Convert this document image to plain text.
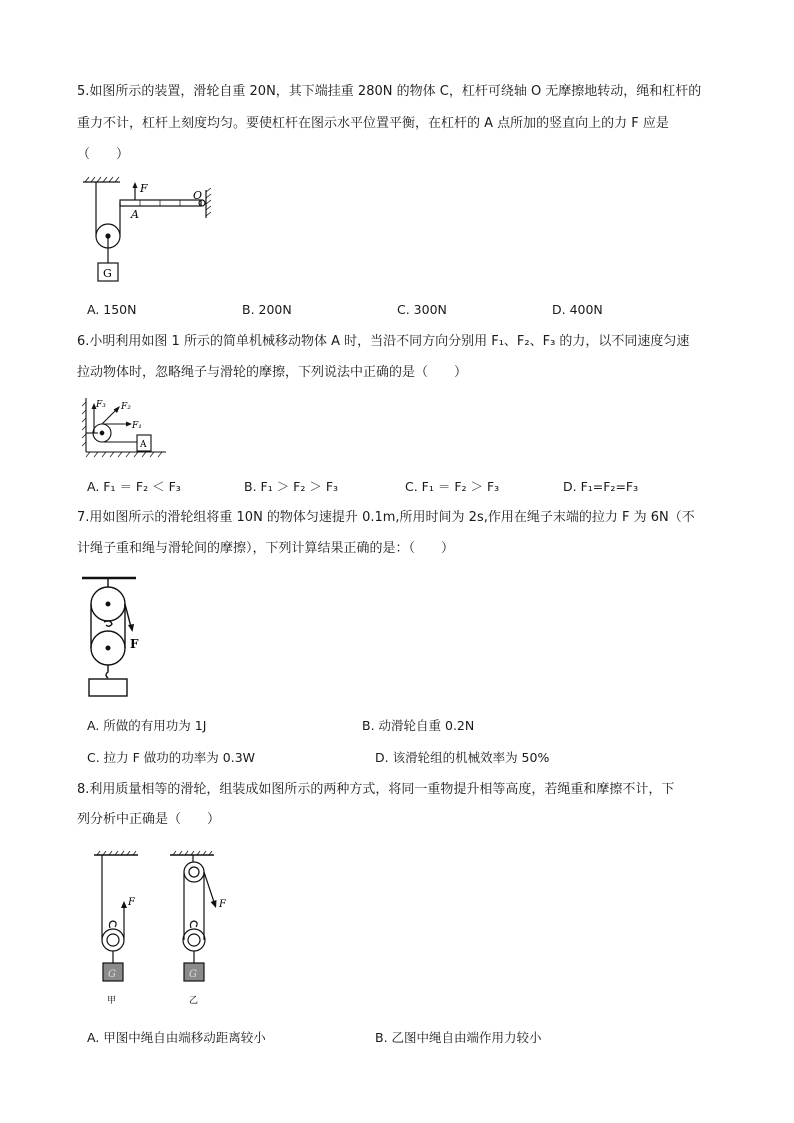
5.如图所示的装置，滑轮自重 20N，其下端挂重 280N 的物体 C，杠杆可绕轴 O 无摩擦地转动，绳和杠杆的
重力不计，杠杆上刻度均匀。要使杠杆在图示水平位置平衡，在杠杆的 A 点所加的竖直向上的力 F 应是
（　　）
F
O
A
G
A. 150N	B. 200N	C. 300N	D. 400N
6.小明利用如图 1 所示的简单机械移动物体 A 时，当沿不同方向分别用 F₁、F₂、F₃ 的力，以不同速度匀速
拉动物体时，忽略绳子与滑轮的摩擦，下列说法中正确的是（　　）
F₃ F₂
F₁
A
A. F₁ ＝ F₂ ＜ F₃	B. F₁ ＞ F₂ ＞ F₃	C. F₁ ＝ F₂ ＞ F₃	D. F₁=F₂=F₃
7.用如图所示的滑轮组将重 10N 的物体匀速提升 0.1m,所用时间为 2s,作用在绳子末端的拉力 F 为 6N（不
计绳子重和绳与滑轮间的摩擦），下列计算结果正确的是：（　　）
F
A. 所做的有用功为 1J	B. 动滑轮自重 0.2N
C. 拉力 F 做功的功率为 0.3W	D. 该滑轮组的机械效率为 50%
8.利用质量相等的滑轮，组装成如图所示的两种方式，将同一重物提升相等高度，若绳重和摩擦不计，下
列分析中正确是（　　）
F
G
甲
F
G
乙
A. 甲图中绳自由端移动距离较小	B. 乙图中绳自由端作用力较小
